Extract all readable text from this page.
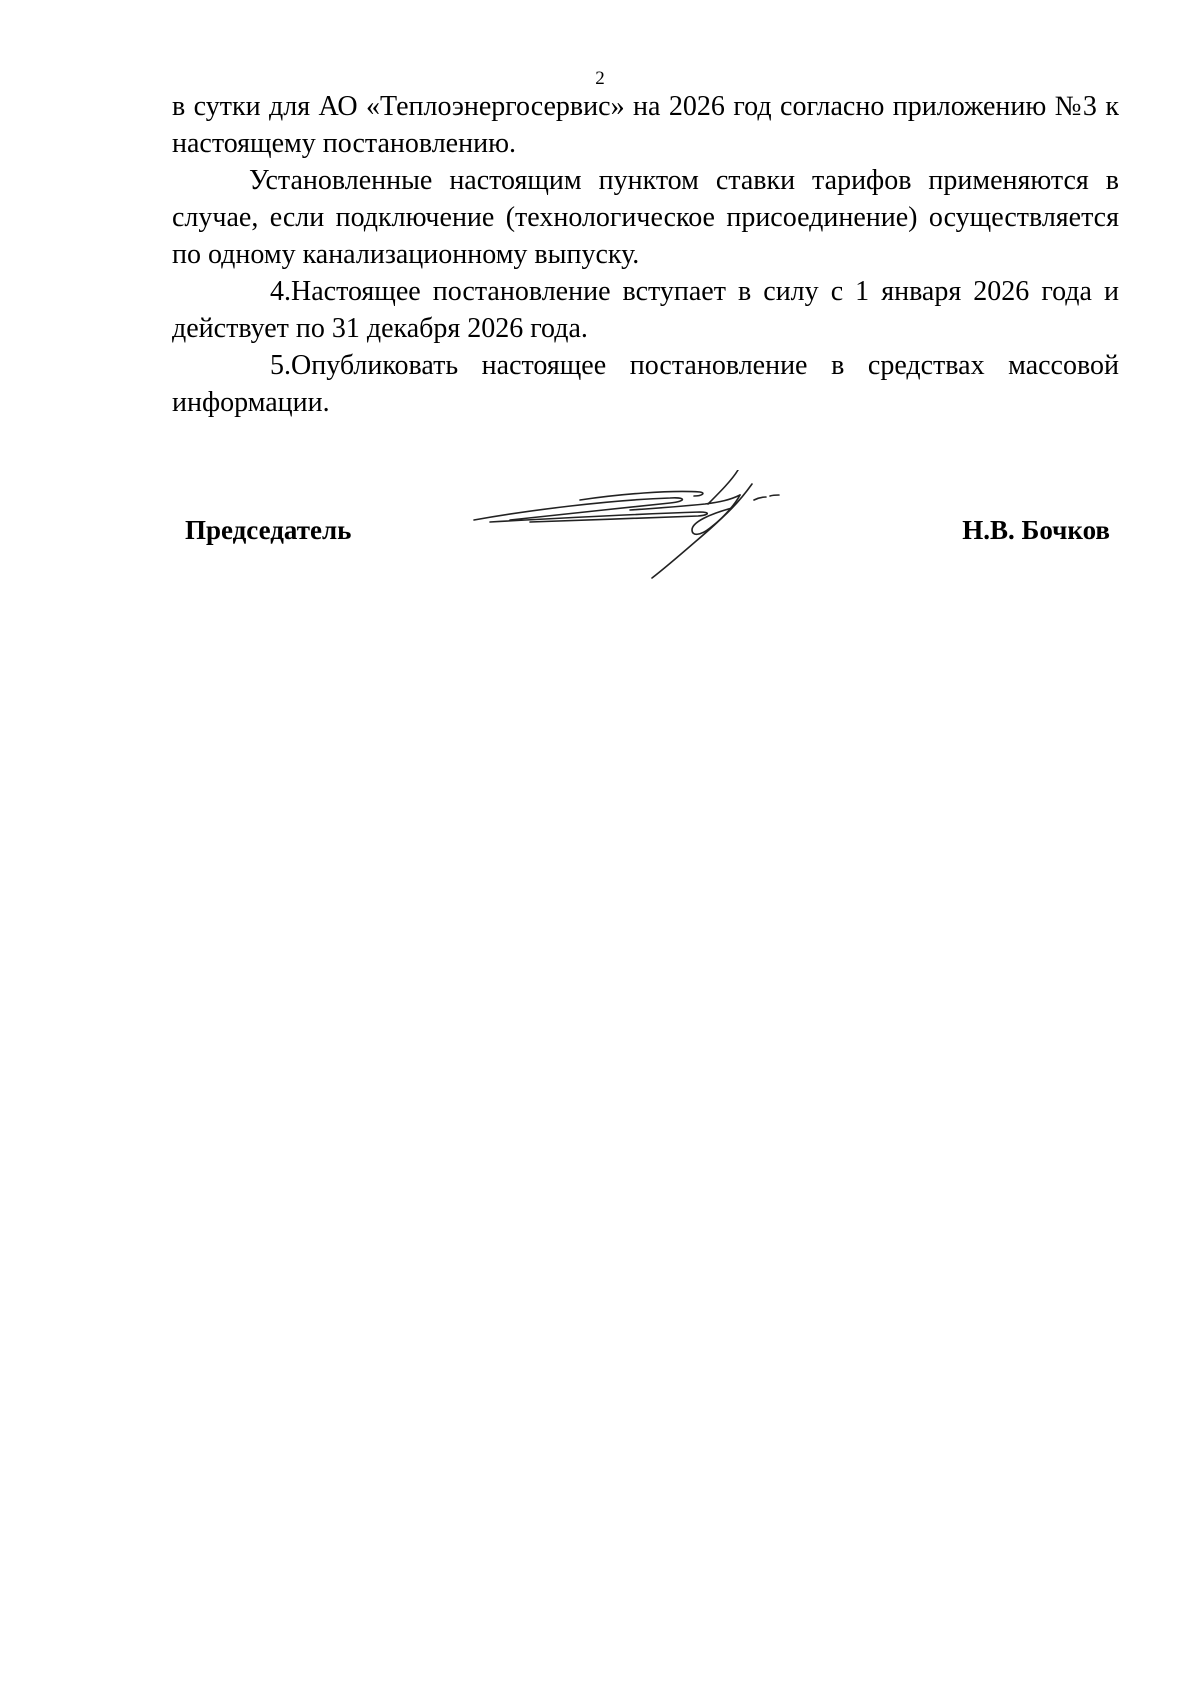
2

в сутки для АО «Теплоэнергосервис» на 2026 год согласно приложению №3 к настоящему постановлению.

Установленные настоящим пунктом ставки тарифов применяются в случае, если подключение (технологическое присоединение) осуществляется по одному канализационному выпуску.

4.Настоящее постановление вступает в силу с 1 января 2026 года и действует по 31 декабря 2026 года.

5.Опубликовать настоящее постановление в средствах массовой информации.

Председатель	Н.В. Бочков
